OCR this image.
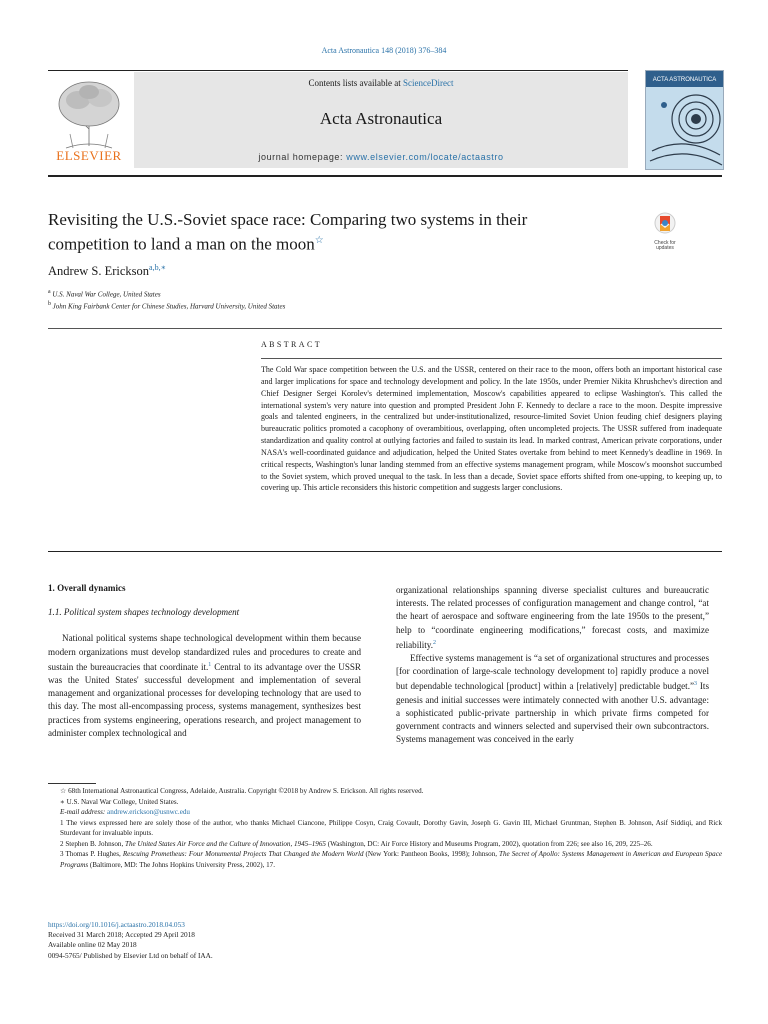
Acta Astronautica 148 (2018) 376–384
ELSEVIER
Contents lists available at ScienceDirect
Acta Astronautica
journal homepage: www.elsevier.com/locate/actaastro
ACTA ASTRONAUTICA
Revisiting the U.S.-Soviet space race: Comparing two systems in their competition to land a man on the moon☆	Check for
updates
Andrew S. Erickson$^{a,b,∗}$
$^a$ U.S. Naval War College, United States
$^b$ John King Fairbank Center for Chinese Studies, Harvard University, United States
ABSTRACT
The Cold War space competition between the U.S. and the USSR, centered on their race to the moon, offers both an important historical case and larger implications for space and technology development and policy. In the late 1950s, under Premier Nikita Khrushchev's direction and Chief Designer Sergei Korolev's determined implementation, Moscow's capabilities appeared to eclipse Washington's. This called the international system's very nature into question and prompted President John F. Kennedy to declare a race to the moon. Despite impressive goals and talented engineers, in the centralized but under-institutionalized, resource-limited Soviet Union feuding chief designers playing bureaucratic politics promoted a cacophony of overambitious, overlapping, often uncompleted projects. The USSR suffered from inadequate standardization and quality control at outlying factories and failed to sustain its lead. In marked contrast, American private corporations, under NASA's well-coordinated guidance and adjudication, helped the United States overtake from behind to meet Kennedy's deadline in 1969. In critical respects, Washington's lunar landing stemmed from an effective systems management program, while Moscow's moonshot succumbed to the Soviet system, which proved unequal to the task. In less than a decade, Soviet space efforts shifted from one-upping, to keeping up, to covering up. This article reconsiders this historic competition and suggests larger conclusions.

1. Overall dynamics

1.1. Political system shapes technology development

National political systems shape technological development within them because modern organizations must develop standardized rules and procedures to create and sustain the bureaucracies that coordinate it.$^1$ Central to its advantage over the USSR was the United States' successful development and implementation of several management and organizational processes for developing technology that are used to this day. The most all-encompassing process, systems management, synthesizes best practices from systems engineering, operations research, and project management to administer complex technological and

organizational relationships spanning diverse specialist cultures and bureaucratic interests. The related processes of configuration management and change control, “at the heart of aerospace and software engineering from the late 1950s to the present,” help to “coordinate engineering modifications,” forecast costs, and maximize reliability.$^2$

Effective systems management is “a set of organizational structures and processes [for coordination of large-scale technology development to] rapidly produce a novel but dependable technological [product] within a [relatively] predictable budget.”$^3$ Its genesis and initial successes were intimately connected with another U.S. advantage: a sophisticated public-private partnership in which private firms competed for government contracts and winners selected and supervised their own subcontractors. Systems management was conceived in the early

☆ 68th International Astronautical Congress, Adelaide, Australia. Copyright ©2018 by Andrew S. Erickson. All rights reserved.

∗ U.S. Naval War College, United States.

E-mail address: andrew.erickson@usnwc.edu

1 The views expressed here are solely those of the author, who thanks Michael Ciancone, Philippe Cosyn, Craig Covault, Dorothy Gavin, Joseph G. Gavin III, Michael Gruntman, Stephen B. Johnson, Asif Siddiqi, and Rick Sturdevant for invaluable inputs.

2 Stephen B. Johnson, The United States Air Force and the Culture of Innovation, 1945–1965 (Washington, DC: Air Force History and Museums Program, 2002), quotation from 226; see also 16, 209, 225–26.

3 Thomas P. Hughes, Rescuing Prometheus: Four Monumental Projects That Changed the Modern World (New York: Pantheon Books, 1998); Johnson, The Secret of Apollo: Systems Management in American and European Space Programs (Baltimore, MD: The Johns Hopkins University Press, 2002), 17.

https://doi.org/10.1016/j.actaastro.2018.04.053
Received 31 March 2018; Accepted 29 April 2018
Available online 02 May 2018
0094-5765/ Published by Elsevier Ltd on behalf of IAA.
